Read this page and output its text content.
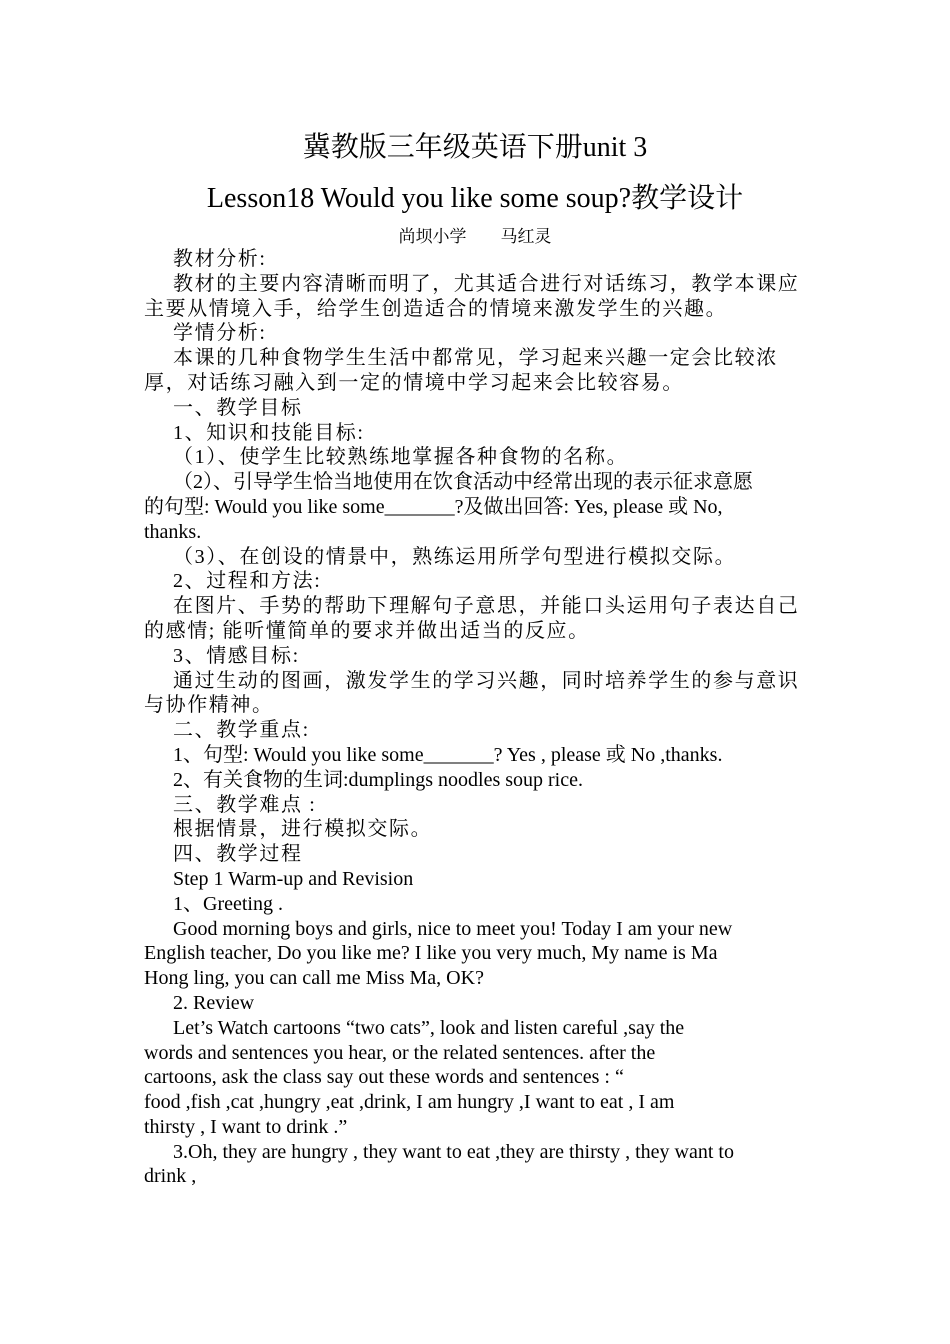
冀教版三年级英语下册unit 3
Lesson18 Would you like some soup?教学设计
尚坝小学        马红灵

教材分析:

教材的主要内容清晰而明了，尤其适合进行对话练习，教学本课应

主要从情境入手，给学生创造适合的情境来激发学生的兴趣。

学情分析:

本课的几种食物学生生活中都常见，学习起来兴趣一定会比较浓

厚，对话练习融入到一定的情境中学习起来会比较容易。

一、教学目标

1、知识和技能目标:

（1）、使学生比较熟练地掌握各种食物的名称。

（2）、引导学生恰当地使用在饮食活动中经常出现的表示征求意愿

的句型: Would you like some_______?及做出回答: Yes, please 或 No,

thanks.

（3）、在创设的情景中，熟练运用所学句型进行模拟交际。

2、过程和方法:

在图片、手势的帮助下理解句子意思，并能口头运用句子表达自己

的感情; 能听懂简单的要求并做出适当的反应。

3、情感目标:

通过生动的图画，激发学生的学习兴趣，同时培养学生的参与意识

与协作精神。

二、教学重点:

1、句型: Would you like some_______? Yes , please 或 No ,thanks.

2、有关食物的生词:dumplings noodles soup rice.

三、教学难点 :

根据情景，进行模拟交际。

四、教学过程

Step 1 Warm-up and Revision

1、Greeting .

Good morning boys and girls, nice to meet you! Today I am your new

English teacher, Do you like me? I like you very much, My name is Ma

Hong ling, you can call me Miss Ma, OK?

2. Review

Let’s Watch cartoons “two cats”, look and listen careful ,say the

words and sentences you hear, or the related sentences. after the

cartoons, ask the class say out these words and sentences : “

food ,fish ,cat ,hungry ,eat ,drink, I am hungry ,I want to eat , I am

thirsty , I want to drink .”

3.Oh, they are hungry , they want to eat ,they are thirsty , they want to

drink ,
